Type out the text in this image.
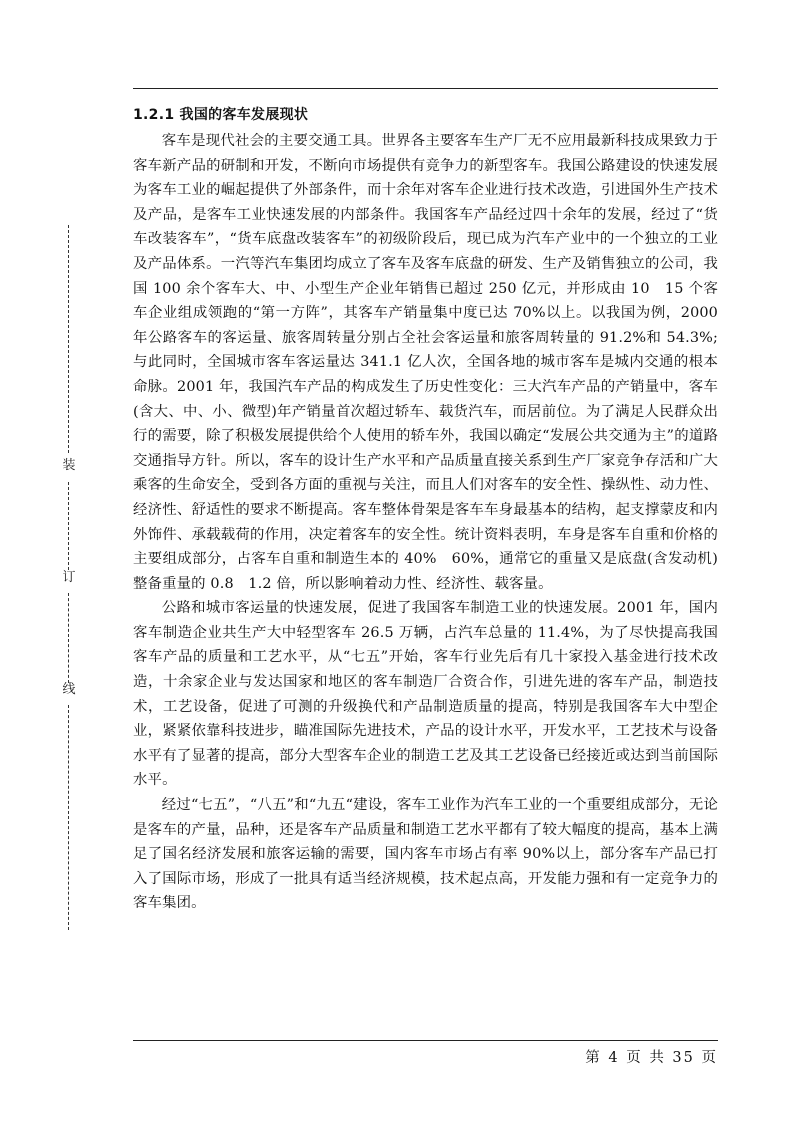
装
订
线
1.2.1 我国的客车发展现状

客车是现代社会的主要交通工具。世界各主要客车生产厂无不应用最新科技成果致力于客车新产品的研制和开发，不断向市场提供有竞争力的新型客车。我国公路建设的快速发展为客车工业的崛起提供了外部条件，而十余年对客车企业进行技术改造，引进国外生产技术及产品，是客车工业快速发展的内部条件。我国客车产品经过四十余年的发展，经过了“货车改装客车”，“货车底盘改装客车”的初级阶段后，现已成为汽车产业中的一个独立的工业及产品体系。一汽等汽车集团均成立了客车及客车底盘的研发、生产及销售独立的公司，我国 100 余个客车大、中、小型生产企业年销售已超过 250 亿元，并形成由 10　15 个客车企业组成领跑的“第一方阵”，其客车产销量集中度已达 70%以上。以我国为例，2000 年公路客车的客运量、旅客周转量分别占全社会客运量和旅客周转量的 91.2%和 54.3%;与此同时，全国城市客车客运量达 341.1 亿人次，全国各地的城市客车是城内交通的根本命脉。2001 年，我国汽车产品的构成发生了历史性变化：三大汽车产品的产销量中，客车(含大、中、小、微型)年产销量首次超过轿车、载货汽车，而居前位。为了满足人民群众出行的需要，除了积极发展提供给个人使用的轿车外，我国以确定“发展公共交通为主”的道路交通指导方针。所以，客车的设计生产水平和产品质量直接关系到生产厂家竞争存活和广大乘客的生命安全，受到各方面的重视与关注，而且人们对客车的安全性、操纵性、动力性、经济性、舒适性的要求不断提高。客车整体骨架是客车车身最基本的结构，起支撑蒙皮和内外饰件、承载载荷的作用，决定着客车的安全性。统计资料表明，车身是客车自重和价格的主要组成部分，占客车自重和制造生本的 40%　60%，通常它的重量又是底盘(含发动机)整备重量的 0.8　1.2 倍，所以影响着动力性、经济性、载客量。

公路和城市客运量的快速发展，促进了我国客车制造工业的快速发展。2001 年，国内客车制造企业共生产大中轻型客车 26.5 万辆，占汽车总量的 11.4%，为了尽快提高我国客车产品的质量和工艺水平，从“七五”开始，客车行业先后有几十家投入基金进行技术改造，十余家企业与发达国家和地区的客车制造厂合资合作，引进先进的客车产品，制造技术，工艺设备，促进了可测的升级换代和产品制造质量的提高，特别是我国客车大中型企业，紧紧依靠科技进步，瞄准国际先进技术，产品的设计水平，开发水平，工艺技术与设备水平有了显著的提高，部分大型客车企业的制造工艺及其工艺设备已经接近或达到当前国际水平。

经过“七五”，“八五”和“九五“建设，客车工业作为汽车工业的一个重要组成部分，无论是客车的产量，品种，还是客车产品质量和制造工艺水平都有了较大幅度的提高，基本上满足了国名经济发展和旅客运输的需要，国内客车市场占有率 90%以上，部分客车产品已打入了国际市场，形成了一批具有适当经济规模，技术起点高，开发能力强和有一定竞争力的客车集团。

第 4 页 共 35 页
